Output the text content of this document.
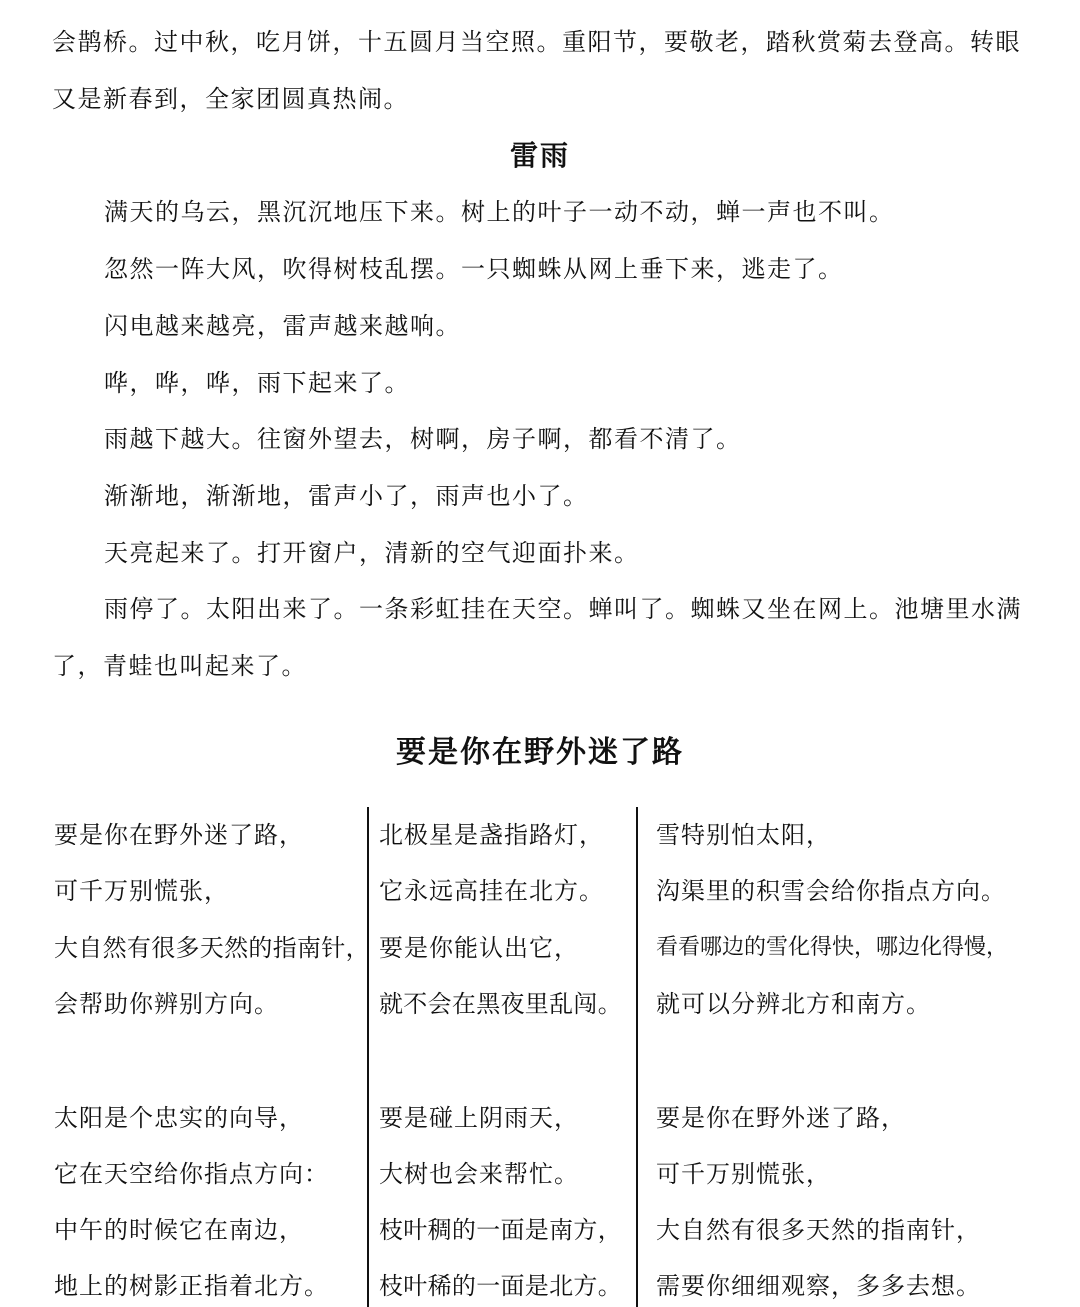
会鹊桥。过中秋，吃月饼，十五圆月当空照。重阳节，要敬老，踏秋赏菊去登高。转眼
又是新春到，全家团圆真热闹。
雷雨
满天的乌云，黑沉沉地压下来。树上的叶子一动不动，蝉一声也不叫。
忽然一阵大风，吹得树枝乱摆。一只蜘蛛从网上垂下来，逃走了。
闪电越来越亮，雷声越来越响。
哗，哗，哗，雨下起来了。
雨越下越大。往窗外望去，树啊，房子啊，都看不清了。
渐渐地，渐渐地，雷声小了，雨声也小了。
天亮起来了。打开窗户，清新的空气迎面扑来。
雨停了。太阳出来了。一条彩虹挂在天空。蝉叫了。蜘蛛又坐在网上。池塘里水满
了，青蛙也叫起来了。
要是你在野外迷了路
要是你在野外迷了路，
可千万别慌张，
大自然有很多天然的指南针，
会帮助你辨别方向。
太阳是个忠实的向导，
它在天空给你指点方向：
中午的时候它在南边，
地上的树影正指着北方。
北极星是盏指路灯，
它永远高挂在北方。
要是你能认出它，
就不会在黑夜里乱闯。
要是碰上阴雨天，
大树也会来帮忙。
枝叶稠的一面是南方，
枝叶稀的一面是北方。
雪特别怕太阳，
沟渠里的积雪会给你指点方向。
看看哪边的雪化得快，哪边化得慢，
就可以分辨北方和南方。
要是你在野外迷了路，
可千万别慌张，
大自然有很多天然的指南针，
需要你细细观察，多多去想。
